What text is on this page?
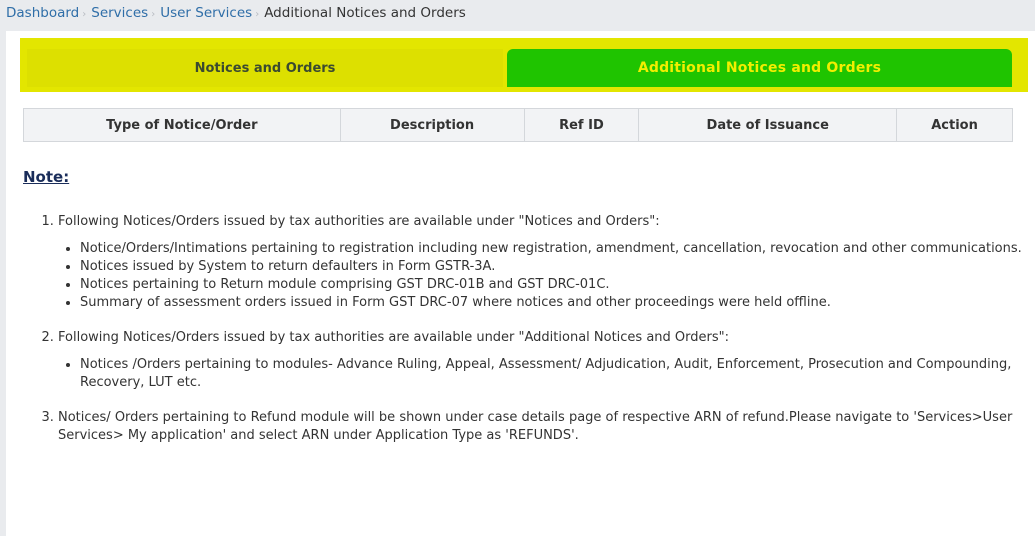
Dashboard › Services › User Services › Additional Notices and Orders
Notices and Orders	Additional Notices and Orders
Type of Notice/Order	Description	Ref ID	Date of Issuance	Action
Note:
1. Following Notices/Orders issued by tax authorities are available under "Notices and Orders":
• Notice/Orders/Intimations pertaining to registration including new registration, amendment, cancellation, revocation and other communications.
• Notices issued by System to return defaulters in Form GSTR-3A.
• Notices pertaining to Return module comprising GST DRC-01B and GST DRC-01C.
• Summary of assessment orders issued in Form GST DRC-07 where notices and other proceedings were held offline.
2. Following Notices/Orders issued by tax authorities are available under "Additional Notices and Orders":
• Notices /Orders pertaining to modules- Advance Ruling, Appeal, Assessment/ Adjudication, Audit, Enforcement, Prosecution and Compounding, Recovery, LUT etc.
3. Notices/ Orders pertaining to Refund module will be shown under case details page of respective ARN of refund.Please navigate to 'Services>User Services> My application' and select ARN under Application Type as 'REFUNDS'.
